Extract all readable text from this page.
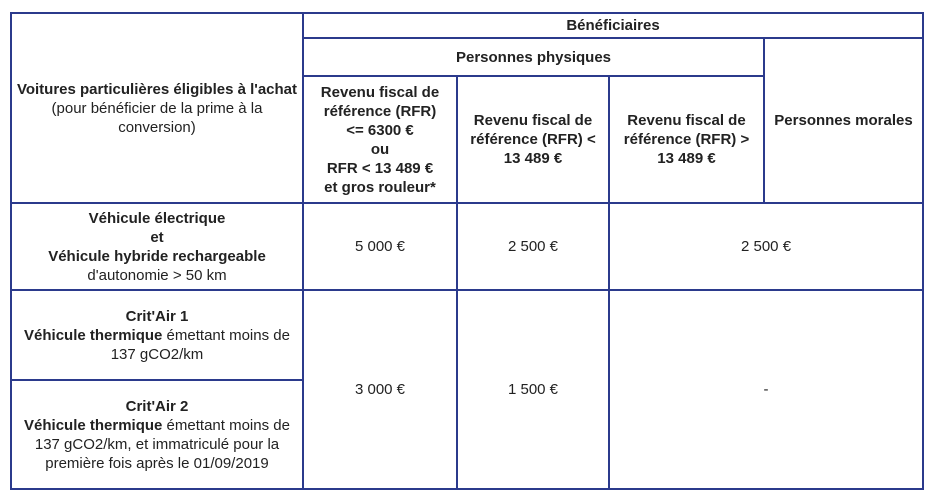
Voitures particulières éligibles à l'achat
(pour bénéficier de la prime à la conversion)	Bénéficiaires			
	Personnes physiques			Personnes morales

	Revenu fiscal de référence (RFR)
<= 6300 €
ou
RFR < 13 489 €
et gros rouleur*	Revenu fiscal de référence (RFR) < 13 489 €	Revenu fiscal de référence (RFR) > 13 489 €	

Véhicule électrique
et
Véhicule hybride rechargeable
d'autonomie > 50 km	5 000 €	2 500 €	2 500 €	

Crit'Air 1
Véhicule thermique émettant moins de 137 gCO2/km	3 000 €	1 500 €	-	

Crit'Air 2
Véhicule thermique émettant moins de 137 gCO2/km, et immatriculé pour la première fois après le 01/09/2019				
